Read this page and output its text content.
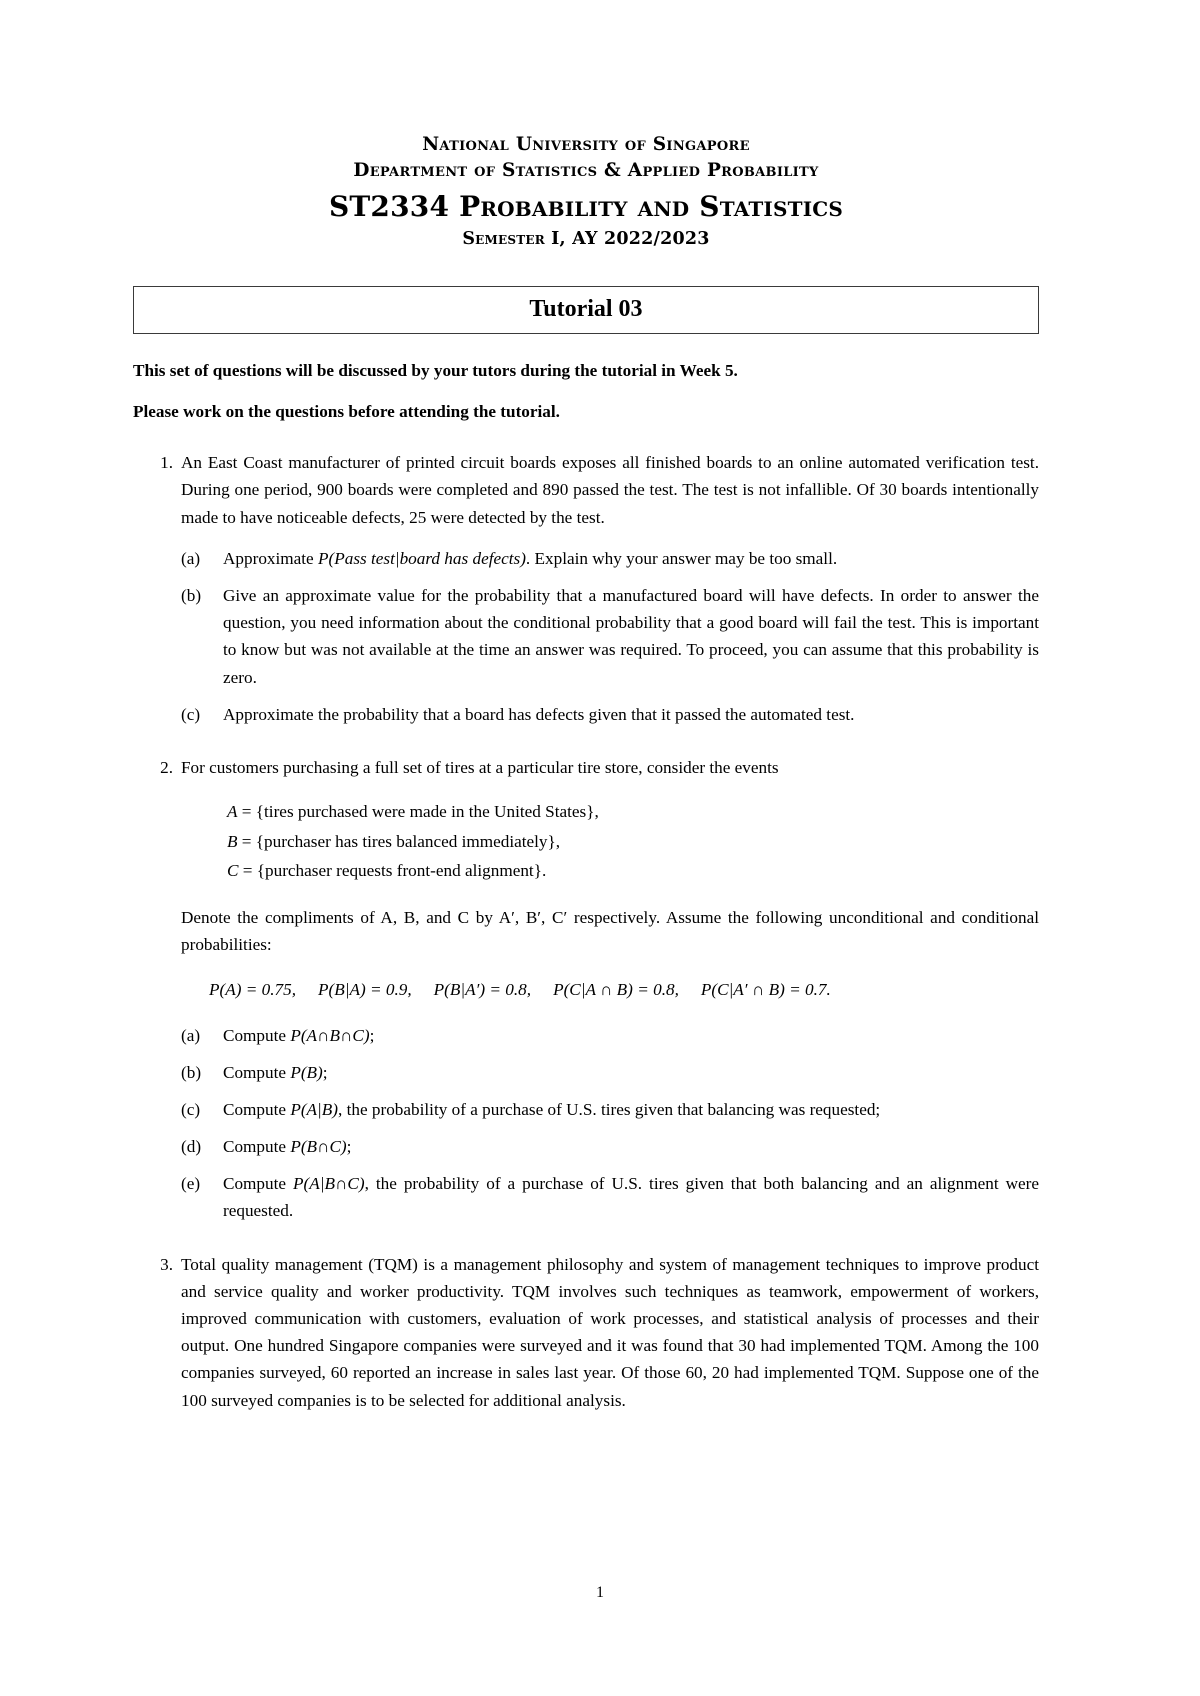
National University of Singapore
Department of Statistics & Applied Probability
ST2334 Probability and Statistics
Semester I, AY 2022/2023
Tutorial 03
This set of questions will be discussed by your tutors during the tutorial in Week 5.
Please work on the questions before attending the tutorial.
1. An East Coast manufacturer of printed circuit boards exposes all finished boards to an online automated verification test. During one period, 900 boards were completed and 890 passed the test. The test is not infallible. Of 30 boards intentionally made to have noticeable defects, 25 were detected by the test.
(a)	Approximate P(Pass test|board has defects). Explain why your answer may be too small.
(b)	Give an approximate value for the probability that a manufactured board will have defects. In order to answer the question, you need information about the conditional probability that a good board will fail the test. This is important to know but was not available at the time an answer was required. To proceed, you can assume that this probability is zero.
(c)	Approximate the probability that a board has defects given that it passed the automated test.
2. For customers purchasing a full set of tires at a particular tire store, consider the events
A = {tires purchased were made in the United States},
B = {purchaser has tires balanced immediately},
C = {purchaser requests front-end alignment}.
Denote the compliments of A, B, and C by A′, B′, C′ respectively. Assume the following unconditional and conditional probabilities:
P(A) = 0.75, P(B|A) = 0.9, P(B|A′) = 0.8, P(C|A ∩ B) = 0.8, P(C|A′ ∩ B) = 0.7.
(a)	Compute P(A∩B∩C);
(b)	Compute P(B);
(c)	Compute P(A|B), the probability of a purchase of U.S. tires given that balancing was requested;
(d)	Compute P(B∩C);
(e)	Compute P(A|B∩C), the probability of a purchase of U.S. tires given that both balancing and an alignment were requested.
3. Total quality management (TQM) is a management philosophy and system of management techniques to improve product and service quality and worker productivity. TQM involves such techniques as teamwork, empowerment of workers, improved communication with customers, evaluation of work processes, and statistical analysis of processes and their output. One hundred Singapore companies were surveyed and it was found that 30 had implemented TQM. Among the 100 companies surveyed, 60 reported an increase in sales last year. Of those 60, 20 had implemented TQM. Suppose one of the 100 surveyed companies is to be selected for additional analysis.
1
